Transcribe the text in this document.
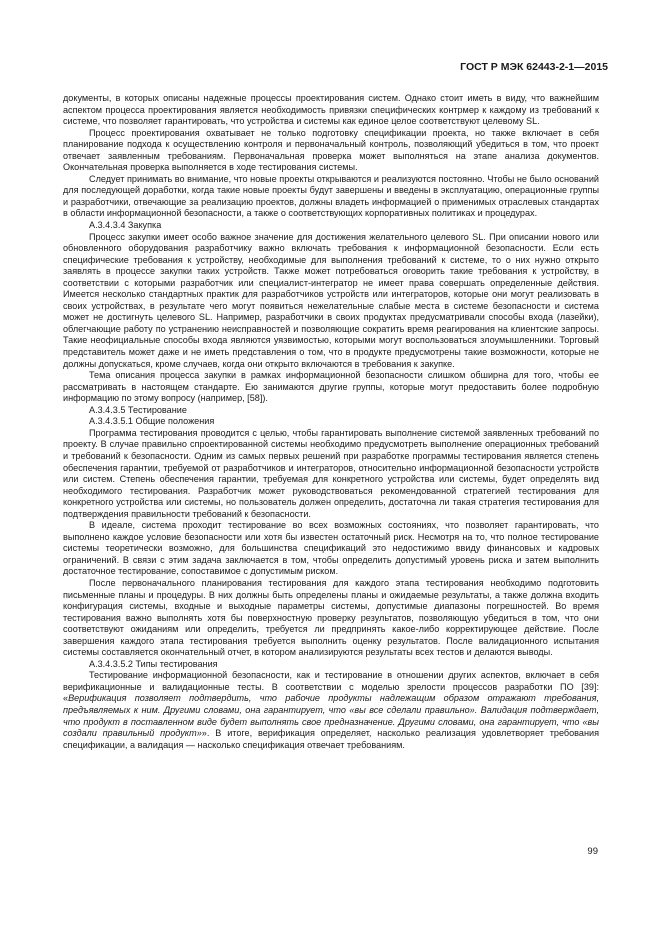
ГОСТ Р МЭК 62443-2-1—2015

документы, в которых описаны надежные процессы проектирования систем. Однако стоит иметь в виду, что важнейшим аспектом процесса проектирования является необходимость привязки специфических контрмер к каждому из требований к системе, что позволяет гарантировать, что устройства и системы как единое целое соответствуют целевому SL.

Процесс проектирования охватывает не только подготовку спецификации проекта, но также включает в себя планирование подхода к осуществлению контроля и первоначальный контроль, позволяющий убедиться в том, что проект отвечает заявленным требованиям. Первоначальная проверка может выполняться на этапе анализа документов. Окончательная проверка выполняется в ходе тестирования системы.

Следует принимать во внимание, что новые проекты открываются и реализуются постоянно. Чтобы не было оснований для последующей доработки, когда такие новые проекты будут завершены и введены в эксплуатацию, операционные группы и разработчики, отвечающие за реализацию проектов, должны владеть информацией о применимых отраслевых стандартах в области информационной безопасности, а также о соответствующих корпоративных политиках и процедурах.

А.3.4.3.4 Закупка

Процесс закупки имеет особо важное значение для достижения желательного целевого SL. При описании нового или обновленного оборудования разработчику важно включать требования к информационной безопасности. Если есть специфические требования к устройству, необходимые для выполнения требований к системе, то о них нужно открыто заявлять в процессе закупки таких устройств. Также может потребоваться оговорить такие требования к устройству, в соответствии с которыми разработчик или специалист-интегратор не имеет права совершать определенные действия. Имеется несколько стандартных практик для разработчиков устройств или интеграторов, которые они могут реализовать в своих устройствах, в результате чего могут появиться нежелательные слабые места в системе безопасности и система может не достигнуть целевого SL. Например, разработчики в своих продуктах предусматривали способы входа (лазейки), облегчающие работу по устранению неисправностей и позволяющие сократить время реагирования на клиентские запросы. Такие неофициальные способы входа являются уязвимостью, которыми могут воспользоваться злоумышленники. Торговый представитель может даже и не иметь представления о том, что в продукте предусмотрены такие возможности, которые не должны допускаться, кроме случаев, когда они открыто включаются в требования к закупке.

Тема описания процесса закупки в рамках информационной безопасности слишком обширна для того, чтобы ее рассматривать в настоящем стандарте. Ею занимаются другие группы, которые могут предоставить более подробную информацию по этому вопросу (например, [58]).

А.3.4.3.5 Тестирование

А.3.4.3.5.1 Общие положения

Программа тестирования проводится с целью, чтобы гарантировать выполнение системой заявленных требований по проекту. В случае правильно спроектированной системы необходимо предусмотреть выполнение операционных требований и требований к безопасности. Одним из самых первых решений при разработке программы тестирования является степень обеспечения гарантии, требуемой от разработчиков и интеграторов, относительно информационной безопасности устройств или систем. Степень обеспечения гарантии, требуемая для конкретного устройства или системы, будет определять вид необходимого тестирования. Разработчик может руководствоваться рекомендованной стратегией тестирования для конкретного устройства или системы, но пользователь должен определить, достаточна ли такая стратегия тестирования для подтверждения правильности требований к безопасности.

В идеале, система проходит тестирование во всех возможных состояниях, что позволяет гарантировать, что выполнено каждое условие безопасности или хотя бы известен остаточный риск. Несмотря на то, что полное тестирование системы теоретически возможно, для большинства спецификаций это недостижимо ввиду финансовых и кадровых ограничений. В связи с этим задача заключается в том, чтобы определить допустимый уровень риска и затем выполнить достаточное тестирование, сопоставимое с допустимым риском.

После первоначального планирования тестирования для каждого этапа тестирования необходимо подготовить письменные планы и процедуры. В них должны быть определены планы и ожидаемые результаты, а также должна входить конфигурация системы, входные и выходные параметры системы, допустимые диапазоны погрешностей. Во время тестирования важно выполнять хотя бы поверхностную проверку результатов, позволяющую убедиться в том, что они соответствуют ожиданиям или определить, требуется ли предпринять какое-либо корректирующее действие. После завершения каждого этапа тестирования требуется выполнить оценку результатов. После валидационного испытания системы составляется окончательный отчет, в котором анализируются результаты всех тестов и делаются выводы.

А.3.4.3.5.2 Типы тестирования

Тестирование информационной безопасности, как и тестирование в отношении других аспектов, включает в себя верификационные и валидационные тесты. В соответствии с моделью зрелости процессов разработки ПО [39]: «Верификация позволяет подтвердить, что рабочие продукты надлежащим образом отражают требования, предъявляемых к ним. Другими словами, она гарантирует, что «вы все сделали правильно». Валидация подтверждает, что продукт в поставленном виде будет выполнять свое предназначение. Другими словами, она гарантирует, что «вы создали правильный продукт»». В итоге, верификация определяет, насколько реализация удовлетворяет требования спецификации, а валидация — насколько спецификация отвечает требованиям.

99
